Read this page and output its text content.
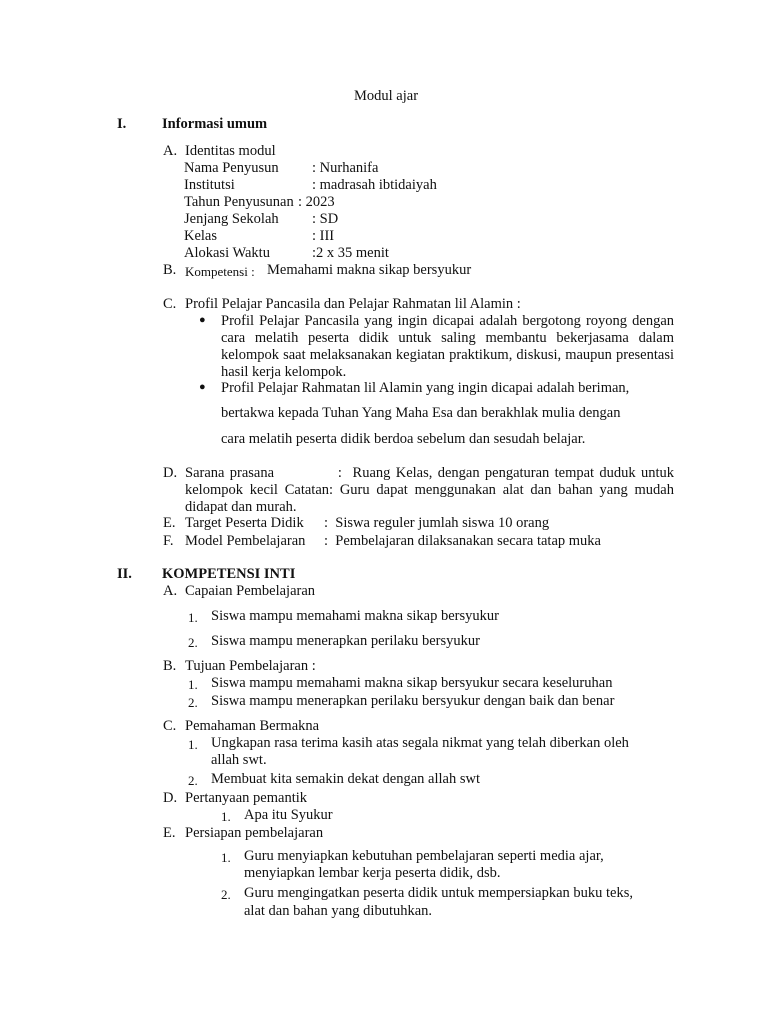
Modul ajar
I. Informasi umum
A. Identitas modul
Nama Penyusun : Nurhanifa
Institutsi	: madrasah ibtidaiyah
Tahun Penyusunan : 2023
Jenjang Sekolah : SD
Kelas	: III
Alokasi Waktu	:2 x 35 menit
B. Kompetensi : Memahami makna sikap bersyukur
C. Profil Pelajar Pancasila dan Pelajar Rahmatan lil Alamin :
● Profil Pelajar Pancasila yang ingin dicapai adalah bergotong royong dengan cara melatih peserta didik untuk saling membantu bekerjasama dalam kelompok saat melaksanakan kegiatan praktikum, diskusi, maupun presentasi hasil kerja kelompok.
● Profil Pelajar Rahmatan lil Alamin yang ingin dicapai adalah beriman,
bertakwa kepada Tuhan Yang Maha Esa dan berakhlak mulia dengan
cara melatih peserta didik berdoa sebelum dan sesudah belajar.
D. Sarana prasana            :  Ruang Kelas, dengan pengaturan tempat duduk untuk kelompok kecil Catatan: Guru dapat menggunakan alat dan bahan yang mudah didapat dan murah.
E. Target Peserta Didik :  Siswa reguler jumlah siswa 10 orang
F. Model Pembelajaran :  Pembelajaran dilaksanakan secara tatap muka
II. KOMPETENSI INTI
A. Capaian Pembelajaran
1. Siswa mampu memahami makna sikap bersyukur
2. Siswa mampu menerapkan perilaku bersyukur
B. Tujuan Pembelajaran :
1. Siswa mampu memahami makna sikap bersyukur secara keseluruhan
2. Siswa mampu menerapkan perilaku bersyukur dengan baik dan benar
C. Pemahaman Bermakna
1. Ungkapan rasa terima kasih atas segala nikmat yang telah diberkan oleh
allah swt.
2. Membuat kita semakin dekat dengan allah swt
D. Pertanyaan pemantik
1. Apa itu Syukur
E. Persiapan pembelajaran
1. Guru menyiapkan kebutuhan pembelajaran seperti media ajar,
menyiapkan lembar kerja peserta didik, dsb.
2. Guru mengingatkan peserta didik untuk mempersiapkan buku teks,
alat dan bahan yang dibutuhkan.
